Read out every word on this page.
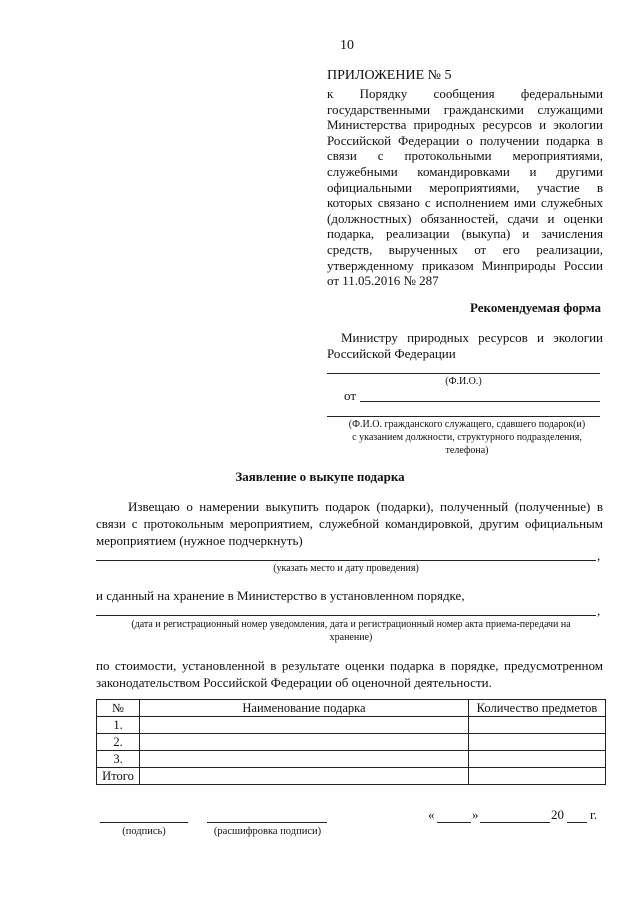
10
ПРИЛОЖЕНИЕ № 5
к Порядку сообщения федеральными
государственными гражданскими служащими
Министерства природных ресурсов и экологии
Российской Федерации о получении подарка в
связи с протокольными мероприятиями,
служебными командировками и другими
официальными мероприятиями, участие в
которых связано с исполнением ими служебных
(должностных) обязанностей, сдачи и оценки
подарка, реализации (выкупа) и зачисления
средств, вырученных от его реализации,
утвержденному приказом Минприроды России
от 11.05.2016 № 287
Рекомендуемая форма
Министру природных ресурсов и экологии
Российской Федерации
(Ф.И.О.)
от
(Ф.И.О. гражданского служащего, сдавшего подарок(и)
с указанием должности, структурного подразделения,
телефона)
Заявление о выкупе подарка
Извещаю о намерении выкупить подарок (подарки), полученный (полученные) в
связи с протокольным мероприятием, служебной командировкой, другим официальным
мероприятием (нужное подчеркнуть)
,
(указать место и дату проведения)
и сданный на хранение в Министерство в установленном порядке,
,
(дата и регистрационный номер уведомления, дата и регистрационный номер акта приема-передачи на
хранение)
по стоимости, установленной в результате оценки подарка в порядке, предусмотренном
законодательством Российской Федерации об оценочной деятельности.
№	Наименование подарка	Количество предметов
1.		
2.		
3.		
Итого		
(подпись)	(расшифровка подписи)
«	»	20 г.
